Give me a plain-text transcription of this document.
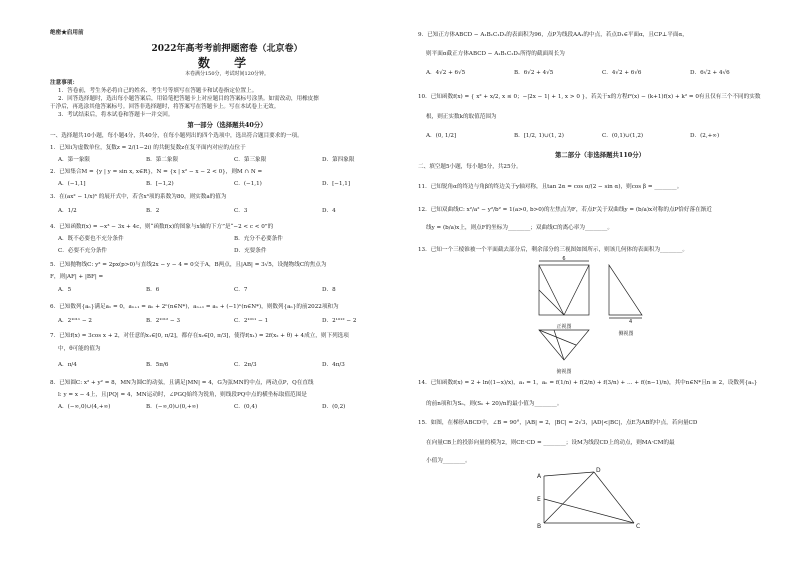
绝密★启用前
2022年高考考前押题密卷（北京卷）
数 学
本卷满分150分，考试时间120分钟。
注意事项：
1．答卷前，考生务必将自己的姓名、考生号等填写在答题卡和试卷指定位置上。
2．回答选择题时，选出每小题答案后，用铅笔把答题卡上对应题目的答案标号涂黑。如需改动，用橡皮擦
干净后，再选涂其他答案标号。回答非选择题时，将答案写在答题卡上。写在本试卷上无效。
3．考试结束后，将本试卷和答题卡一并交回。
第一部分（选择题共40分）
一、选择题共10小题，每小题4分，共40分，在每小题列出的四个选项中，选出符合题目要求的一项。
1．已知i为虚数单位，复数z = 2/(1−2i) 的共轭复数z在复平面内对应的点位于
A．第一象限	B．第二象限	C．第三象限	D．第四象限
2．已知集合M = {y | y = sin x, x∈R}，N = {x | x² − x − 2 < 0}，则M ∩ N =
A．(−1,1]	B．[−1,2)	C．(−1,1)	D．[−1,1]
3．在(ax² − 1/x)⁶ 的展开式中，若含x³项的系数为80，则实数a的值为
A．1/2	B．2	C．3	D．4
4．已知函数f(x) = −x³ − 3x + 4c，则“函数f(x)的图象与x轴的下方”是“−2 < c < 0”的
A．既不必要也不充分条件	B．充分不必要条件
C．必要不充分条件	D．充要条件
5．已知抛物线C: y² = 2px(p>0)与直线2x − y − 4 = 0交于A，B两点，且|AB| = 3√5，设抛物线C的焦点为
F，则|AF| + |BF| =
A．5	B．6	C．7	D．8
6．已知数列{aₙ}满足a₁ = 0，aₙ₊₁ = aₙ + 2ⁿ(n∈N*)，aₙ₊₁ = aₙ + (−1)ⁿ(n∈N*)，则数列{aₙ}的前2022项和为
A．2¹⁰¹¹ − 2	B．2¹⁰¹² − 3	C．2¹⁰¹¹ − 1	D．2¹⁰¹² − 2
7．已知f(x) = 3cos x + 2，对任意的x₁∈[0, π/2]，都存在x₂∈[0, π/3]，使得f(x₁) = 2f(x₂ + θ) + 4成立，则下列选项
中，θ可能的值为
A．π/4	B．5π/6	C．2π/3	D．4π/3
8．已知圆C: x² + y² = 8，MN为圆C的动弦，且满足|MN| = 4，G为弦MN的中点，两动点P，Q在直线
l: y = x − 4上，且|PQ| = 4，MN运动时，∠PGQ始终为锐角，则线段PQ中点的横坐标取值范围是
A．(−∞,0)∪(4,+∞)	B．(−∞,0)∪(0,+∞)	C．(0,4)	D．(0,2)
9．已知正方体ABCD − A₁B₁C₁D₁的表面积为96，点P为线段AA₁的中点，若点D₁∈平面α，且CP⊥平面α，
则平面α截正方体ABCD − A₁B₁C₁D₁所得的截面周长为
A．4√2 + 6√5	B．6√2 + 4√5	C．4√2 + 6√6	D．6√2 + 4√6
10．已知函数f(x) = { x² + x/2, x ≤ 0；−|2x − 1| + 1, x > 0 }，若关于x的方程f²(x) − (k+1)f(x) + k² = 0有且仅有三个不同的实数
根，则正实数k的取值范围为
A．(0, 1/2]	B．[1/2, 1)∪(1, 2)	C．(0,1)∪(1,2)	D．(2,+∞)
第二部分（非选择题共110分）
二、填空题5小题，每小题5分，共25分。
11．已知锐角α的终边与角β的终边关于y轴对称，且tan 2α = cos α/(2 − sin α)，则cos β = ________。
12．已知双曲线C: x²/a² − y²/b² = 1(a>0, b>0)的左焦点为F，若点F关于双曲线y = (b/a)x对称的点P恰好落在渐近
线y = (b/a)x上，则点F的坐标为________；双曲线C的离心率为________。
13．已知一个三棱锥被一个平面截去部分后，剩余部分的三视图如图所示，则该几何体的表面积为________。
6
正视图
4
侧视图
俯视图
14．已知函数f(x) = 2 + ln((1−x)/x)，a₁ = 1，aₙ = f(1/n) + f(2/n) + f(3/n) + … + f((n−1)/n)，其中n∈N*且n ≥ 2，设数列{aₙ}
的前n项和为Sₙ，则(Sₙ + 20)/n的最小值为________。
15．如图，在梯形ABCD中，∠B = 90°，|AB| = 2，|BC| = 2√3，|AD|<|BC|，点E为AB的中点，若向量CD
在向量CB上的投影向量的模为2，则CE·CD = ________；设M为线段CD上的动点，则MA·CM的最
小值为________。
A
D
E
B	C
